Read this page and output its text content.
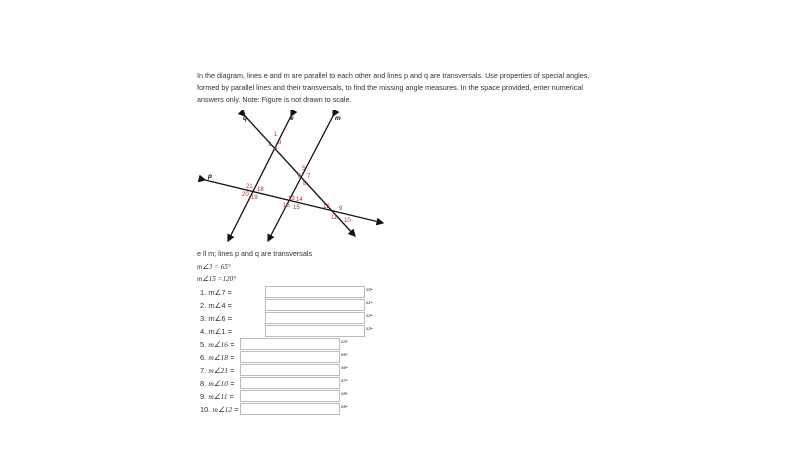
In the diagram, lines e and m are parallel to each other and lines p and q are transversals. Use properties of special angles, formed by parallel lines and their transversals, to find the missing angle measures. In the space provided, enter numerical answers only. Note: Figure is not drawn to scale.
q	e	m
p
1
2 3
4
5
6 7
8
9
10
11
12
13 14
15
16
18
19
20
21
e ll m; lines p and q are transversals
m∠3 = 65°
m∠15 =120°
1. m∠7 =	a0•
2. m∠4 =	a1•
3. m∠6 =	a2•
4. m∠1 =	a3•
5. m∠16 =	a4•
6. m∠18 =	a5•
7. m∠21 =	a6•
8. m∠10 =	a7•
9. m∠11 =	a8•
10. m∠12 =	a9•
